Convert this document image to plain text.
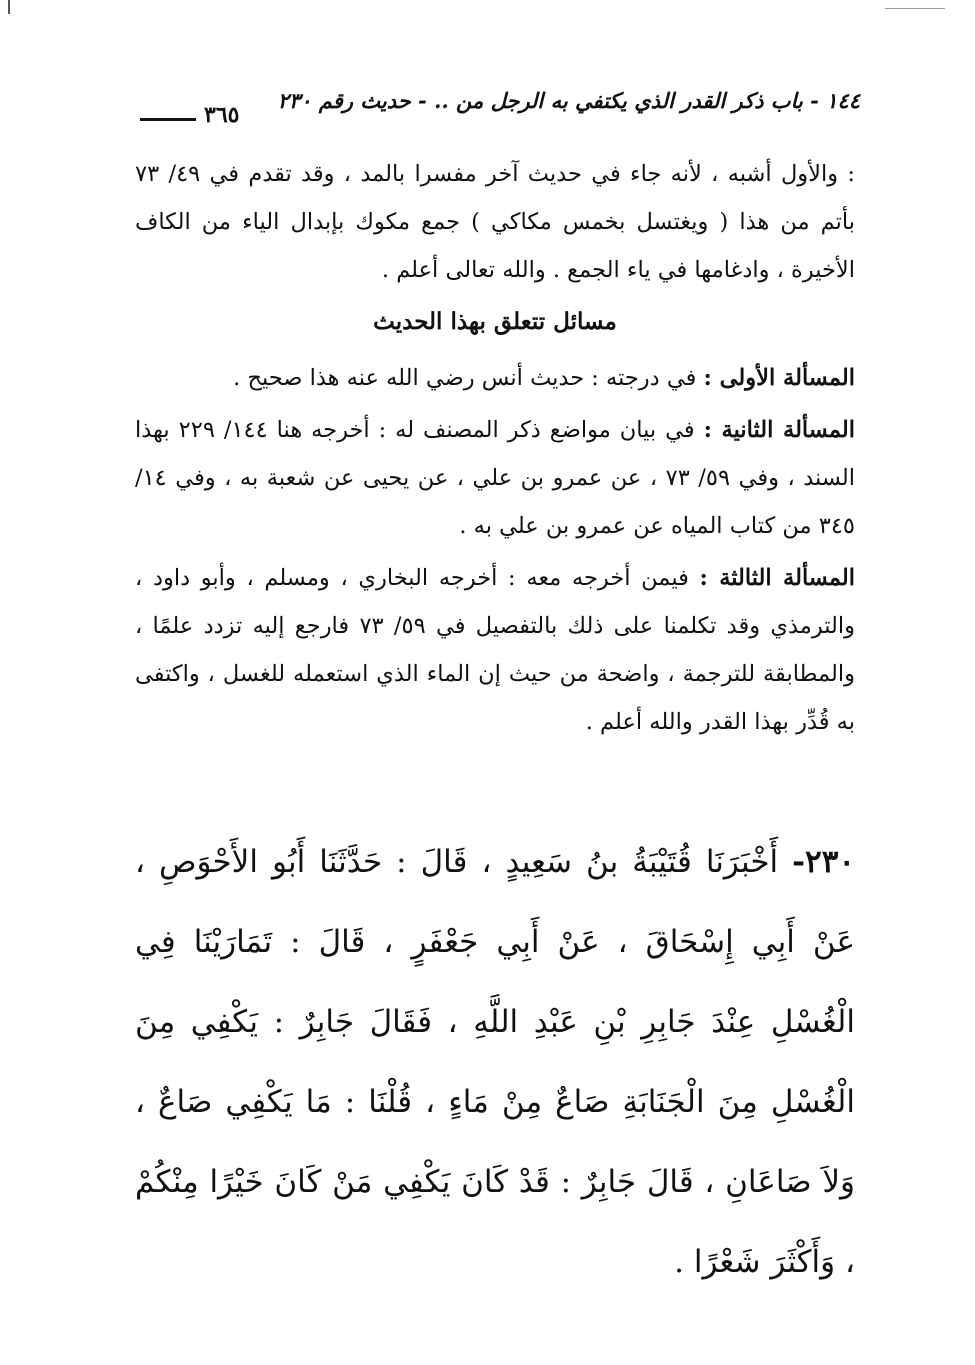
١٤٤ - باب ذكر القدر الذي يكتفي به الرجل من .. - حديث رقم ٢٣٠
٣٦٥

: والأول أشبه ، لأنه جاء في حديث آخر مفسرا بالمد ، وقد تقدم في ٤٩/ ٧٣ بأتم من هذا ( ويغتسل بخمس مكاكي ) جمع مكوك بإبدال الياء من الكاف الأخيرة ، وادغامها في ياء الجمع . والله تعالى أعلم .

مسائل تتعلق بهذا الحديث

المسألة الأولى : في درجته : حديث أنس رضي الله عنه هذا صحيح .

المسألة الثانية : في بيان مواضع ذكر المصنف له : أخرجه هنا ١٤٤/ ٢٢٩ بهذا السند ، وفي ٥٩/ ٧٣ ، عن عمرو بن علي ، عن يحيى عن شعبة به ، وفي ١٤/ ٣٤٥ من كتاب المياه عن عمرو بن علي به .

المسألة الثالثة : فيمن أخرجه معه : أخرجه البخاري ، ومسلم ، وأبو داود ، والترمذي وقد تكلمنا على ذلك بالتفصيل في ٥٩/ ٧٣ فارجع إليه تزدد علمًا ، والمطابقة للترجمة ، واضحة من حيث إن الماء الذي استعمله للغسل ، واكتفى به قُدِّر بهذا القدر والله أعلم .

٢٣٠- أَخْبَرَنَا قُتَيْبَةُ بنُ سَعِيدٍ ، قَالَ : حَدَّثَنَا أَبُو الأَحْوَصِ ، عَنْ أَبِي إِسْحَاقَ ، عَنْ أَبِي جَعْفَرٍ ، قَالَ : تَمَارَيْنَا فِي الْغُسْلِ عِنْدَ جَابِرِ بْنِ عَبْدِ اللَّهِ ، فَقَالَ جَابِرٌ : يَكْفِي مِنَ الْغُسْلِ مِنَ الْجَنَابَةِ صَاعٌ مِنْ مَاءٍ ، قُلْنَا : مَا يَكْفِي صَاعٌ ، وَلاَ صَاعَانِ ، قَالَ جَابِرٌ : قَدْ كَانَ يَكْفِي مَنْ كَانَ خَيْرًا مِنْكُمْ ، وَأَكْثَرَ شَعْرًا .
